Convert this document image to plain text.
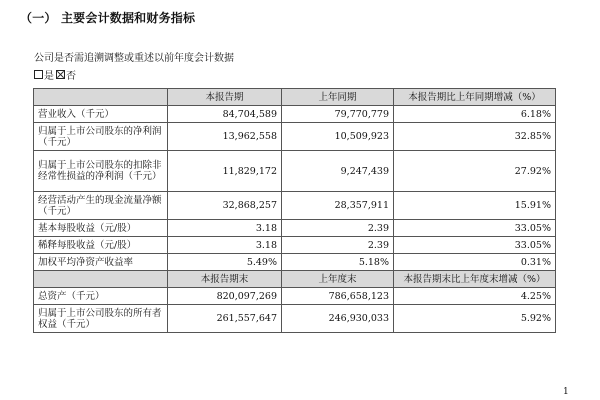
（一） 主要会计数据和财务指标
公司是否需追溯调整或重述以前年度会计数据
是 否
	本报告期	上年同期	本报告期比上年同期增减（%）
营业收入（千元）	84,704,589	79,770,779	6.18%
归属于上市公司股东的净利润（千元）	13,962,558	10,509,923	32.85%
归属于上市公司股东的扣除非经常性损益的净利润（千元）	11,829,172	9,247,439	27.92%
经营活动产生的现金流量净额（千元）	32,868,257	28,357,911	15.91%
基本每股收益（元/股）	3.18	2.39	33.05%
稀释每股收益（元/股）	3.18	2.39	33.05%
加权平均净资产收益率	5.49%	5.18%	0.31%
	本报告期末	上年度末	本报告期末比上年度末增减（%）
总资产（千元）	820,097,269	786,658,123	4.25%
归属于上市公司股东的所有者权益（千元）	261,557,647	246,930,033	5.92%
1
